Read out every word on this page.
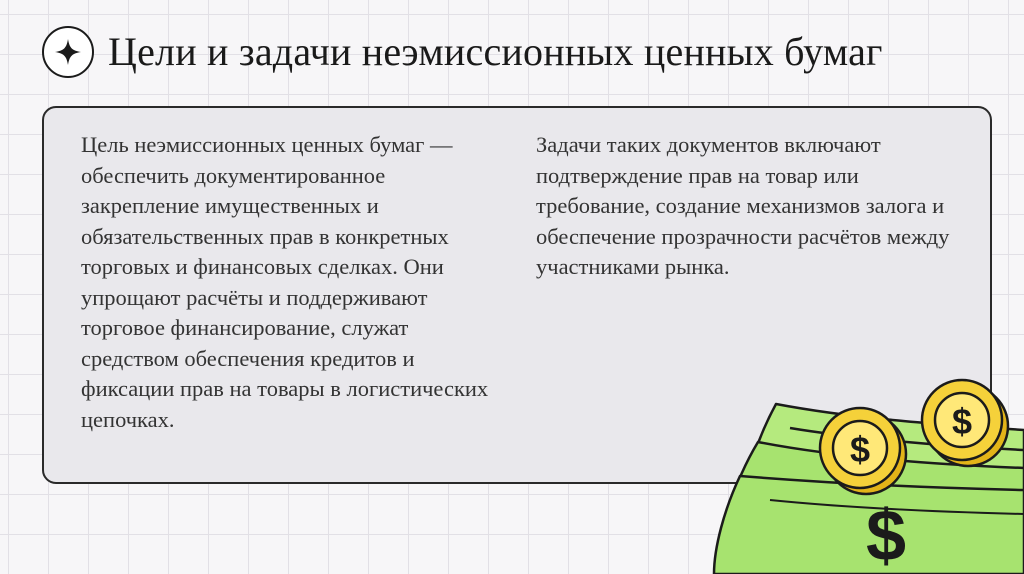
Цели и задачи неэмиссионных ценных бумаг

Цель неэмиссионных ценных бумаг — обеспечить документированное закрепление имущественных и обязательственных прав в конкретных торговых и финансовых сделках. Они упрощают расчёты и поддерживают торговое финансирование, служат средством обеспечения кредитов и фиксации прав на товары в логистических цепочках.

Задачи таких документов включают подтверждение прав на товар или требование, создание механизмов залога и обеспечение прозрачности расчётов между участниками рынка.

$
$
$
